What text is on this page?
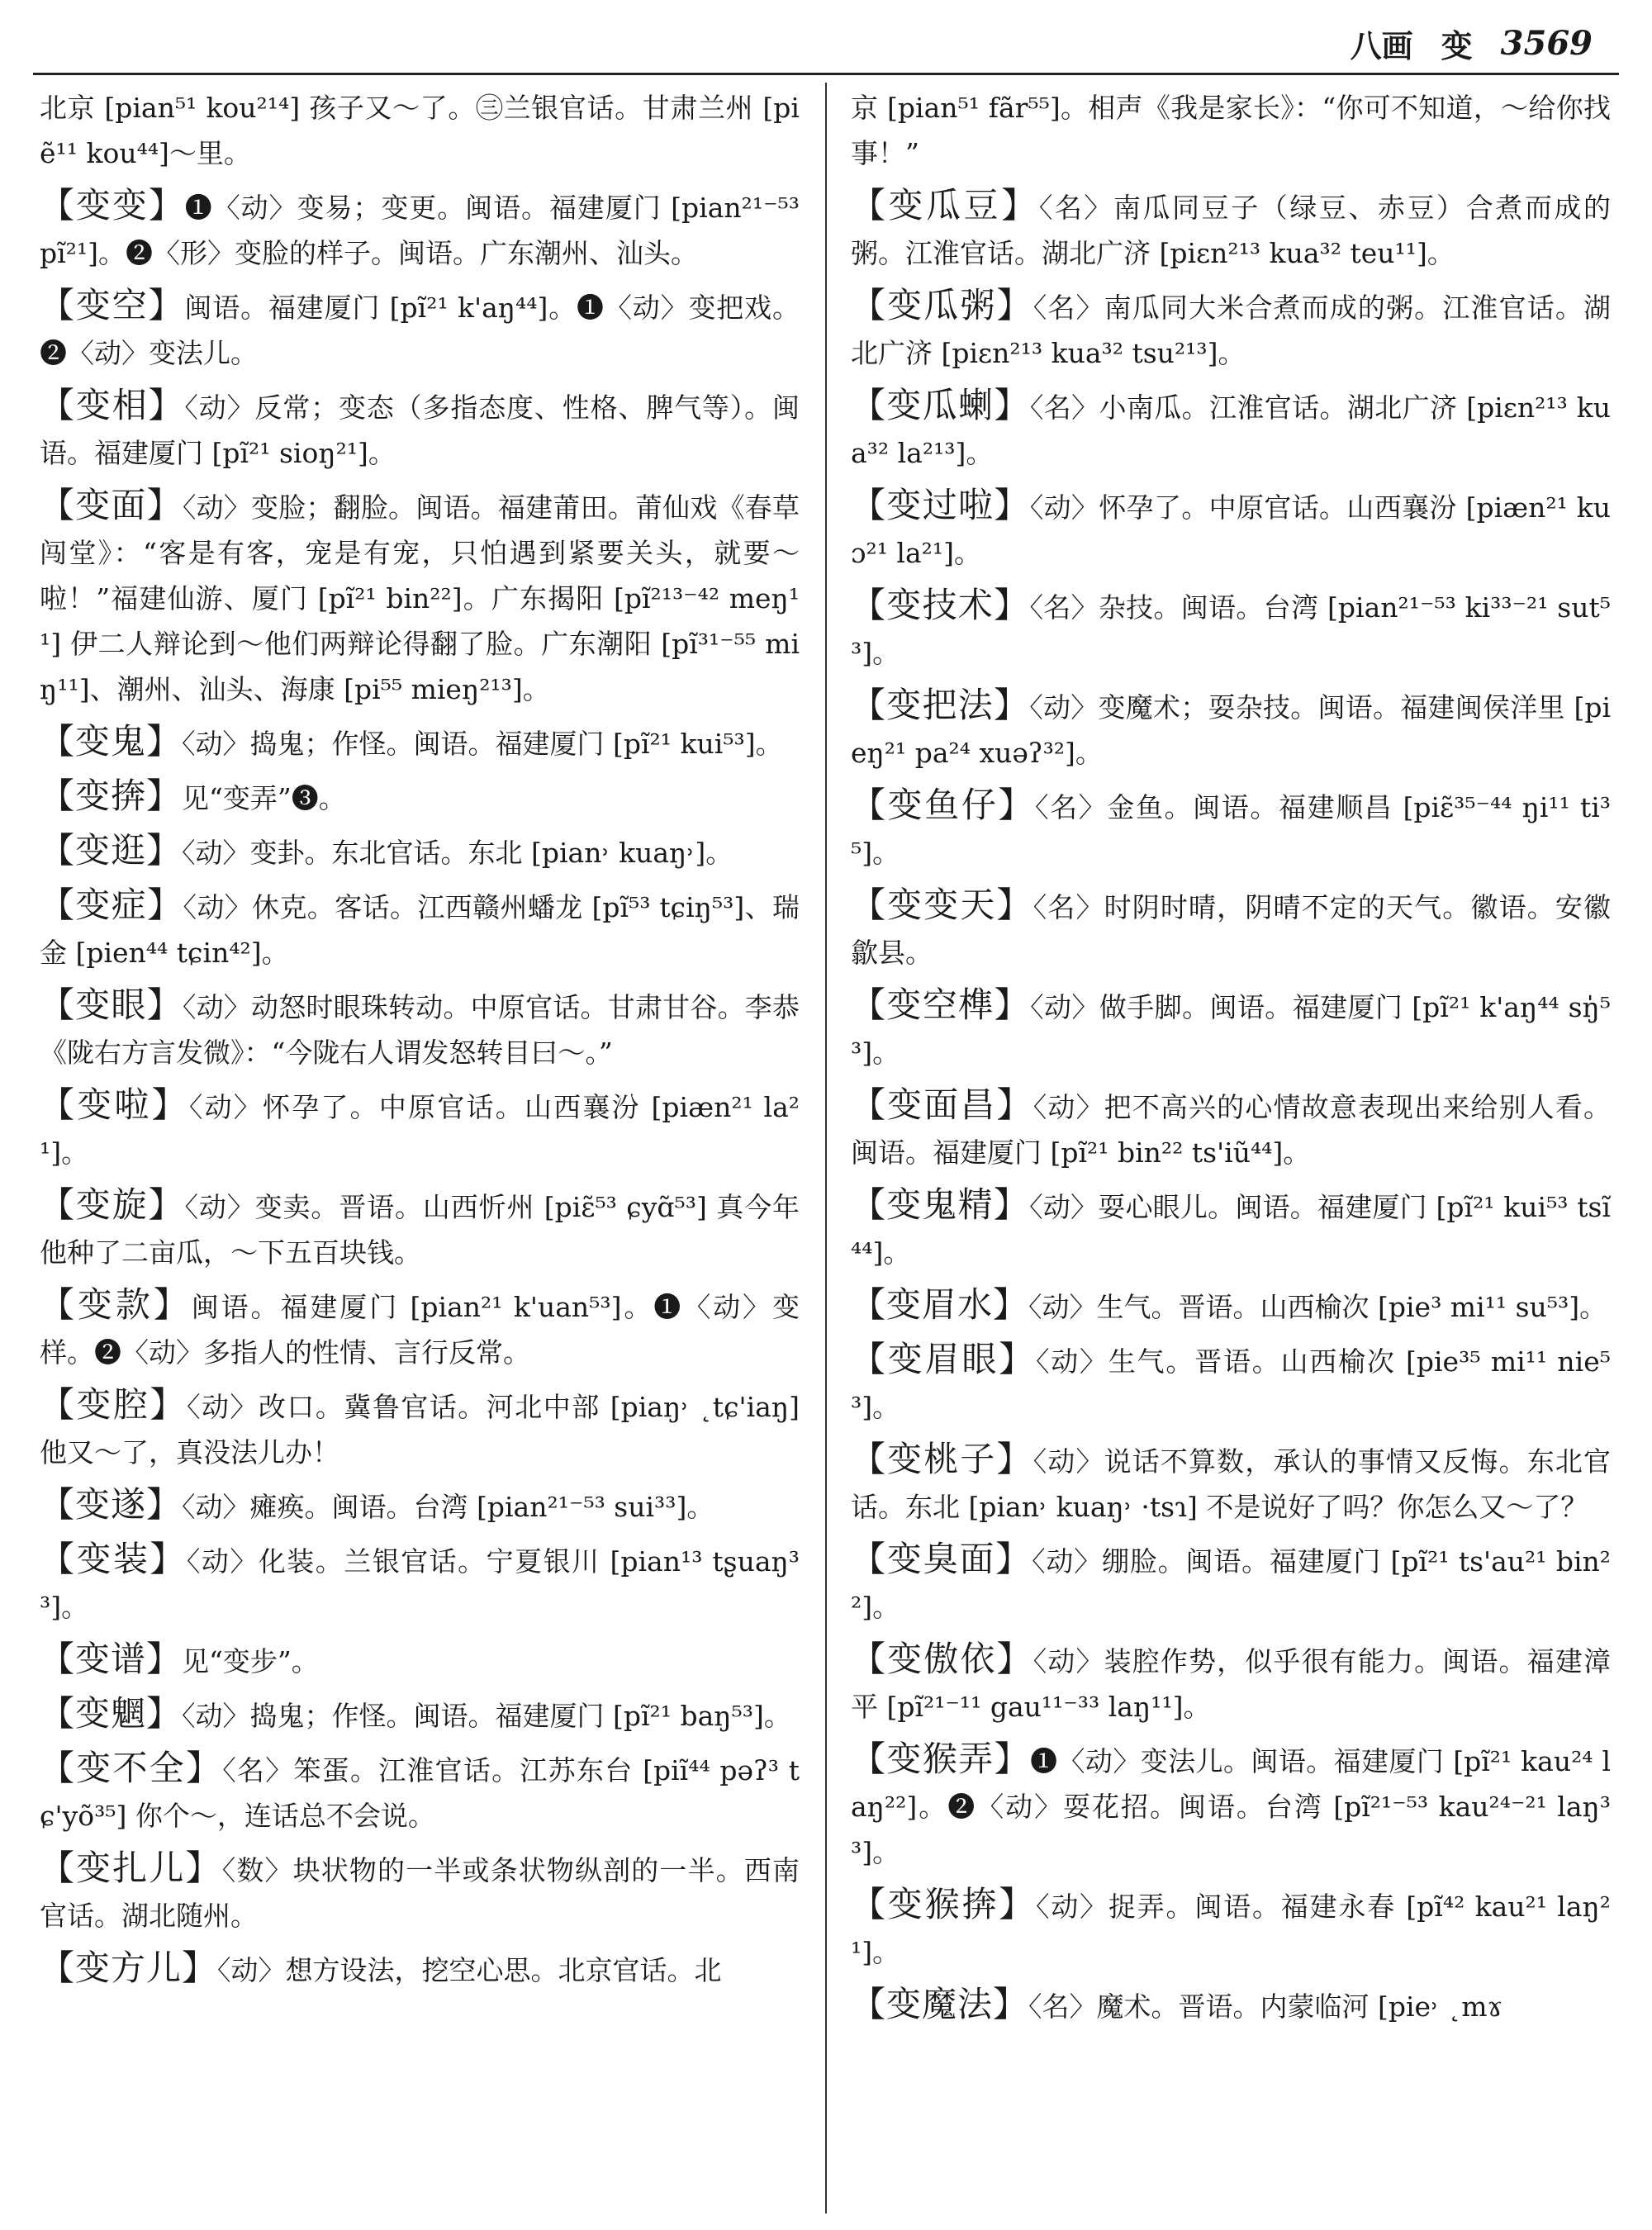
八画 变 3569

北京 [pian⁵¹ kou²¹⁴] 孩子又～了。㊂兰银官话。甘肃兰州 [piẽ¹¹ kou⁴⁴]～里。

【变变】❶〈动〉变易；变更。闽语。福建厦门 [pian²¹⁻⁵³ pĩ²¹]。❷〈形〉变脸的样子。闽语。广东潮州、汕头。

【变空】闽语。福建厦门 [pĩ²¹ k'aŋ⁴⁴]。❶〈动〉变把戏。❷〈动〉变法儿。

【变相】〈动〉反常；变态（多指态度、性格、脾气等）。闽语。福建厦门 [pĩ²¹ sioŋ²¹]。

【变面】〈动〉变脸；翻脸。闽语。福建莆田。莆仙戏《春草闯堂》：“客是有客，宠是有宠，只怕遇到紧要关头，就要～啦！”福建仙游、厦门 [pĩ²¹ bin²²]。广东揭阳 [pĩ²¹³⁻⁴² meŋ¹¹] 伊二人辩论到～他们两辩论得翻了脸。广东潮阳 [pĩ³¹⁻⁵⁵ miŋ¹¹]、潮州、汕头、海康 [pi⁵⁵ mieŋ²¹³]。

【变鬼】〈动〉捣鬼；作怪。闽语。福建厦门 [pĩ²¹ kui⁵³]。

【变捹】见“变弄”❸。

【变逛】〈动〉变卦。东北官话。东北 [pian˒ kuaŋ˒]。

【变症】〈动〉休克。客话。江西赣州蟠龙 [pĩ⁵³ tɕiŋ⁵³]、瑞金 [pien⁴⁴ tɕin⁴²]。

【变眼】〈动〉动怒时眼珠转动。中原官话。甘肃甘谷。李恭《陇右方言发微》：“今陇右人谓发怒转目曰～。”

【变啦】〈动〉怀孕了。中原官话。山西襄汾 [piæn²¹ la²¹]。

【变旋】〈动〉变卖。晋语。山西忻州 [piɛ̃⁵³ ɕyɑ̃⁵³] 真今年他种了二亩瓜，～下五百块钱。

【变款】闽语。福建厦门 [pian²¹ k'uan⁵³]。❶〈动〉变样。❷〈动〉多指人的性情、言行反常。

【变腔】〈动〉改口。冀鲁官话。河北中部 [piaŋ˒ ˛tɕ'iaŋ] 他又～了，真没法儿办！

【变遂】〈动〉瘫痪。闽语。台湾 [pian²¹⁻⁵³ sui³³]。

【变装】〈动〉化装。兰银官话。宁夏银川 [pian¹³ tʂuaŋ³³]。

【变谱】见“变步”。

【变魍】〈动〉捣鬼；作怪。闽语。福建厦门 [pĩ²¹ baŋ⁵³]。

【变不全】〈名〉笨蛋。江淮官话。江苏东台 [piĩ⁴⁴ pəʔ³ tɕ'yõ³⁵] 你个～，连话总不会说。

【变扎儿】〈数〉块状物的一半或条状物纵剖的一半。西南官话。湖北随州。

【变方儿】〈动〉想方设法，挖空心思。北京官话。北

京 [pian⁵¹ fãr⁵⁵]。相声《我是家长》：“你可不知道，～给你找事！”

【变瓜豆】〈名〉南瓜同豆子（绿豆、赤豆）合煮而成的粥。江淮官话。湖北广济 [piɛn²¹³ kua³² teu¹¹]。

【变瓜粥】〈名〉南瓜同大米合煮而成的粥。江淮官话。湖北广济 [piɛn²¹³ kua³² tsu²¹³]。

【变瓜蝲】〈名〉小南瓜。江淮官话。湖北广济 [piɛn²¹³ kua³² la²¹³]。

【变过啦】〈动〉怀孕了。中原官话。山西襄汾 [piæn²¹ kuɔ²¹ la²¹]。

【变技术】〈名〉杂技。闽语。台湾 [pian²¹⁻⁵³ ki³³⁻²¹ sut⁵³]。

【变把法】〈动〉变魔术；耍杂技。闽语。福建闽侯洋里 [pieŋ²¹ pa²⁴ xuəʔ³²]。

【变鱼仔】〈名〉金鱼。闽语。福建顺昌 [piɛ̃³⁵⁻⁴⁴ ŋi¹¹ ti³⁵]。

【变变天】〈名〉时阴时晴，阴晴不定的天气。徽语。安徽歙县。

【变空榫】〈动〉做手脚。闽语。福建厦门 [pĩ²¹ k'aŋ⁴⁴ sŋ̍⁵³]。

【变面昌】〈动〉把不高兴的心情故意表现出来给别人看。闽语。福建厦门 [pĩ²¹ bin²² ts'iũ⁴⁴]。

【变鬼精】〈动〉耍心眼儿。闽语。福建厦门 [pĩ²¹ kui⁵³ tsĩ⁴⁴]。

【变眉水】〈动〉生气。晋语。山西榆次 [pie³ mi¹¹ su⁵³]。

【变眉眼】〈动〉生气。晋语。山西榆次 [pie³⁵ mi¹¹ nie⁵³]。

【变桃子】〈动〉说话不算数，承认的事情又反悔。东北官话。东北 [pian˒ kuaŋ˒ ·tsɿ] 不是说好了吗？你怎么又～了？

【变臭面】〈动〉绷脸。闽语。福建厦门 [pĩ²¹ ts'au²¹ bin²²]。

【变傲依】〈动〉装腔作势，似乎很有能力。闽语。福建漳平 [pĩ²¹⁻¹¹ gau¹¹⁻³³ laŋ¹¹]。

【变猴弄】❶〈动〉变法儿。闽语。福建厦门 [pĩ²¹ kau²⁴ laŋ²²]。❷〈动〉耍花招。闽语。台湾 [pĩ²¹⁻⁵³ kau²⁴⁻²¹ laŋ³³]。

【变猴捹】〈动〉捉弄。闽语。福建永春 [pĩ⁴² kau²¹ laŋ²¹]。

【变魔法】〈名〉魔术。晋语。内蒙临河 [pie˒ ˛mɤ
